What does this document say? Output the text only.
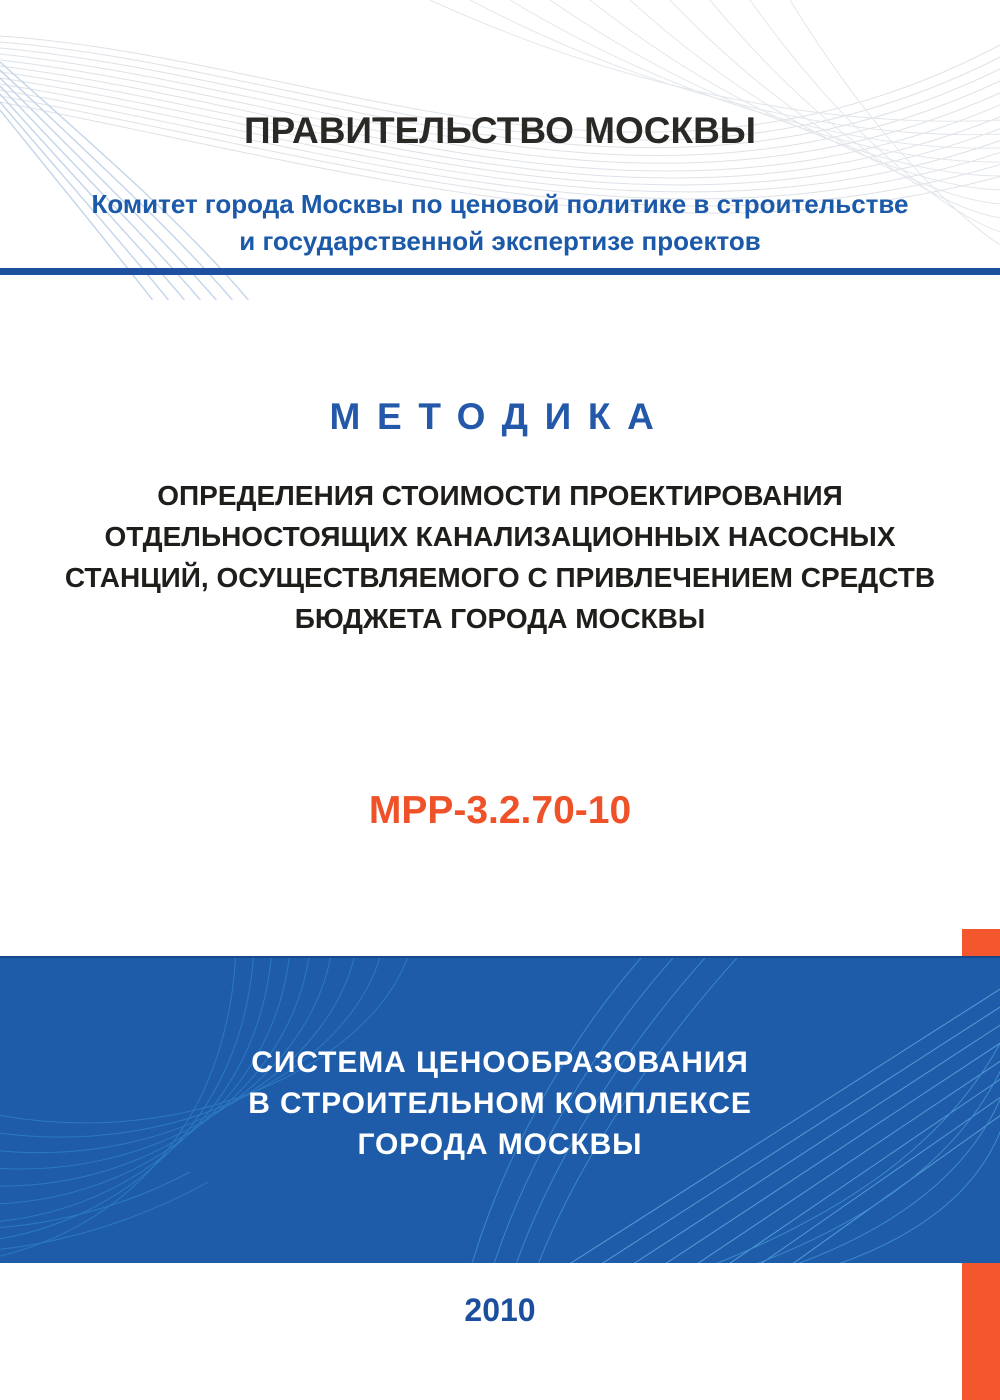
ПРАВИТЕЛЬСТВО МОСКВЫ
Комитет города Москвы по ценовой политике в строительстве
и государственной экспертизе проектов
МЕТОДИКА
ОПРЕДЕЛЕНИЯ СТОИМОСТИ ПРОЕКТИРОВАНИЯ
ОТДЕЛЬНОСТОЯЩИХ КАНАЛИЗАЦИОННЫХ НАСОСНЫХ
СТАНЦИЙ, ОСУЩЕСТВЛЯЕМОГО С ПРИВЛЕЧЕНИЕМ СРЕДСТВ
БЮДЖЕТА ГОРОДА МОСКВЫ
МРР-3.2.70-10
СИСТЕМА ЦЕНООБРАЗОВАНИЯ
В СТРОИТЕЛЬНОМ КОМПЛЕКСЕ
ГОРОДА МОСКВЫ
2010
